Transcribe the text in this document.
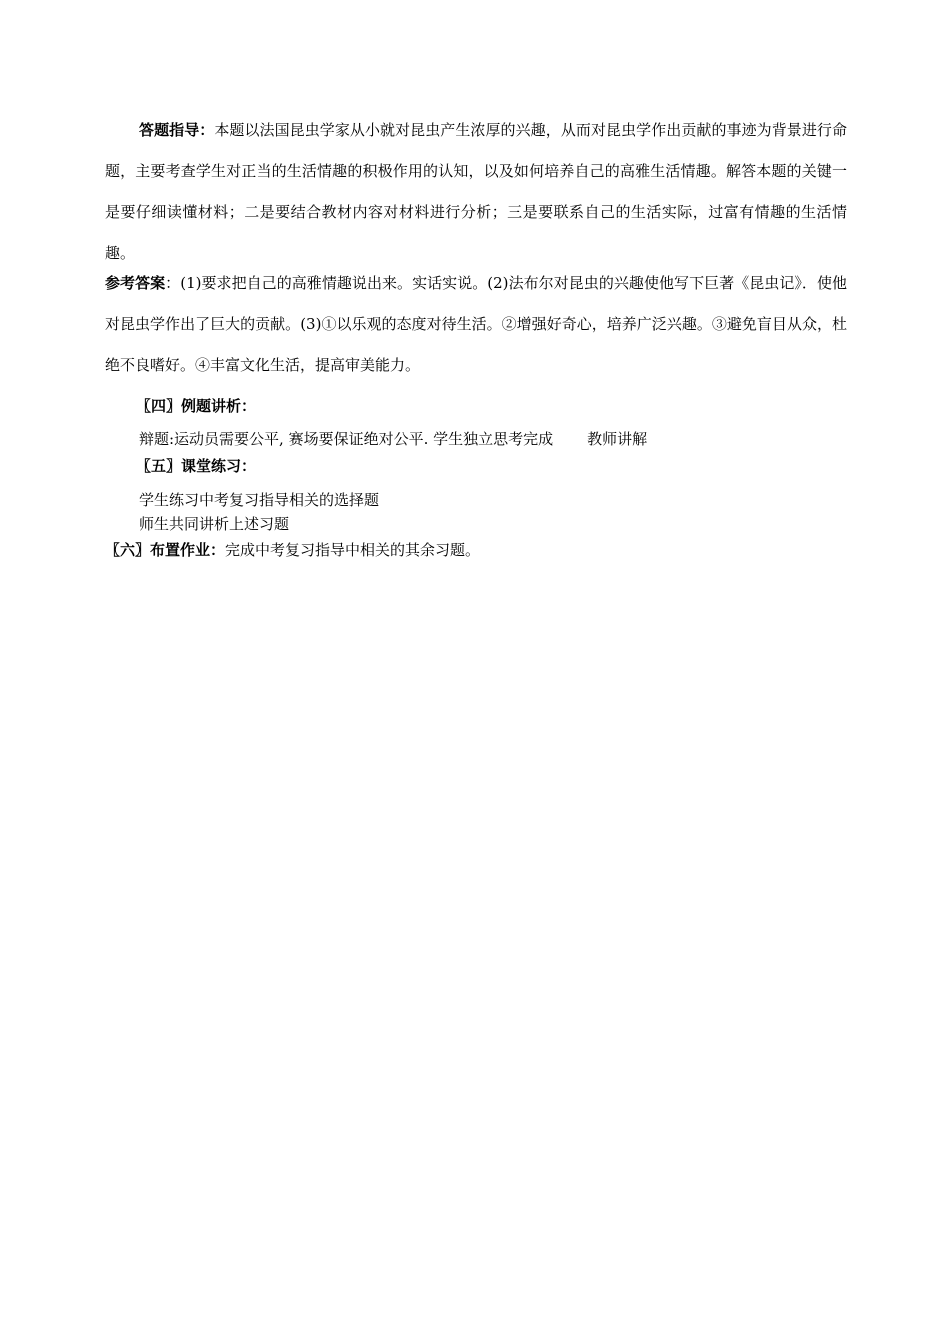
答题指导：本题以法国昆虫学家从小就对昆虫产生浓厚的兴趣，从而对昆虫学作出贡献的事迹为背景进行命题，主要考查学生对正当的生活情趣的积极作用的认知，以及如何培养自己的高雅生活情趣。解答本题的关键一是要仔细读懂材料；二是要结合教材内容对材料进行分析；三是要联系自己的生活实际，过富有情趣的生活情趣。
参考答案：(1)要求把自己的高雅情趣说出来。实话实说。(2)法布尔对昆虫的兴趣使他写下巨著《昆虫记》．使他对昆虫学作出了巨大的贡献。(3)①以乐观的态度对待生活。②增强好奇心，培养广泛兴趣。③避免盲目从众，杜绝不良嗜好。④丰富文化生活，提高审美能力。
〖四〗例题讲析：
辩题:运动员需要公平, 赛场要保证绝对公平. 学生独立思考完成 教师讲解
〖五〗课堂练习：
学生练习中考复习指导相关的选择题
师生共同讲析上述习题
〖六〗布置作业：完成中考复习指导中相关的其余习题。
